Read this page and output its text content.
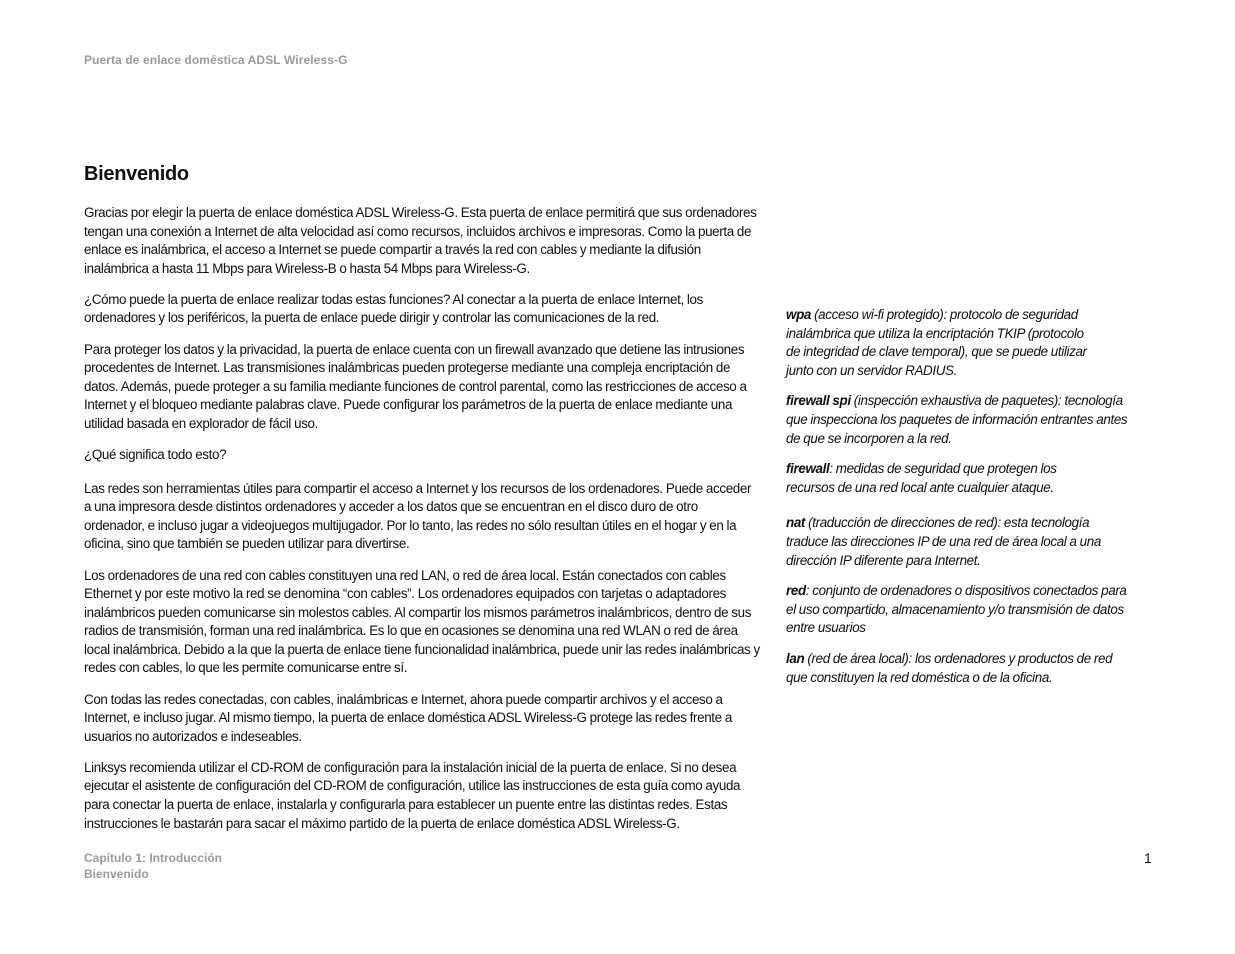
Puerta de enlace doméstica ADSL Wireless-G
Bienvenido

Gracias por elegir la puerta de enlace doméstica ADSL Wireless-G. Esta puerta de enlace permitirá que sus ordenadores tengan una conexión a Internet de alta velocidad así como recursos, incluidos archivos e impresoras. Como la puerta de enlace es inalámbrica, el acceso a Internet se puede compartir a través la red con cables y mediante la difusión inalámbrica a hasta 11 Mbps para Wireless-B o hasta 54 Mbps para Wireless-G.

¿Cómo puede la puerta de enlace realizar todas estas funciones? Al conectar a la puerta de enlace Internet, los ordenadores y los periféricos, la puerta de enlace puede dirigir y controlar las comunicaciones de la red.

Para proteger los datos y la privacidad, la puerta de enlace cuenta con un firewall avanzado que detiene las intrusiones procedentes de Internet. Las transmisiones inalámbricas pueden protegerse mediante una compleja encriptación de datos. Además, puede proteger a su familia mediante funciones de control parental, como las restricciones de acceso a Internet y el bloqueo mediante palabras clave. Puede configurar los parámetros de la puerta de enlace mediante una utilidad basada en explorador de fácil uso.

¿Qué significa todo esto?

Las redes son herramientas útiles para compartir el acceso a Internet y los recursos de los ordenadores. Puede acceder a una impresora desde distintos ordenadores y acceder a los datos que se encuentran en el disco duro de otro ordenador, e incluso jugar a videojuegos multijugador. Por lo tanto, las redes no sólo resultan útiles en el hogar y en la oficina, sino que también se pueden utilizar para divertirse.

Los ordenadores de una red con cables constituyen una red LAN, o red de área local. Están conectados con cables Ethernet y por este motivo la red se denomina “con cables”. Los ordenadores equipados con tarjetas o adaptadores inalámbricos pueden comunicarse sin molestos cables. Al compartir los mismos parámetros inalámbricos, dentro de sus radios de transmisión, forman una red inalámbrica. Es lo que en ocasiones se denomina una red WLAN o red de área local inalámbrica. Debido a la que la puerta de enlace tiene funcionalidad inalámbrica, puede unir las redes inalámbricas y redes con cables, lo que les permite comunicarse entre sí.

Con todas las redes conectadas, con cables, inalámbricas e Internet, ahora puede compartir archivos y el acceso a Internet, e incluso jugar. Al mismo tiempo, la puerta de enlace doméstica ADSL Wireless-G protege las redes frente a usuarios no autorizados e indeseables.

Linksys recomienda utilizar el CD-ROM de configuración para la instalación inicial de la puerta de enlace. Si no desea ejecutar el asistente de configuración del CD-ROM de configuración, utilice las instrucciones de esta guía como ayuda para conectar la puerta de enlace, instalarla y configurarla para establecer un puente entre las distintas redes. Estas instrucciones le bastarán para sacar el máximo partido de la puerta de enlace doméstica ADSL Wireless-G.

wpa (acceso wi-fi protegido): protocolo de seguridad inalámbrica que utiliza la encriptación TKIP (protocolo de integridad de clave temporal), que se puede utilizar junto con un servidor RADIUS.

firewall spi (inspección exhaustiva de paquetes): tecnología que inspecciona los paquetes de información entrantes antes de que se incorporen a la red.

firewall: medidas de seguridad que protegen los recursos de una red local ante cualquier ataque.

nat (traducción de direcciones de red): esta tecnología traduce las direcciones IP de una red de área local a una dirección IP diferente para Internet.

red: conjunto de ordenadores o dispositivos conectados para el uso compartido, almacenamiento y/o transmisión de datos entre usuarios

lan (red de área local): los ordenadores y productos de red que constituyen la red doméstica o de la oficina.

Capítulo 1: Introducción
Bienvenido
1
